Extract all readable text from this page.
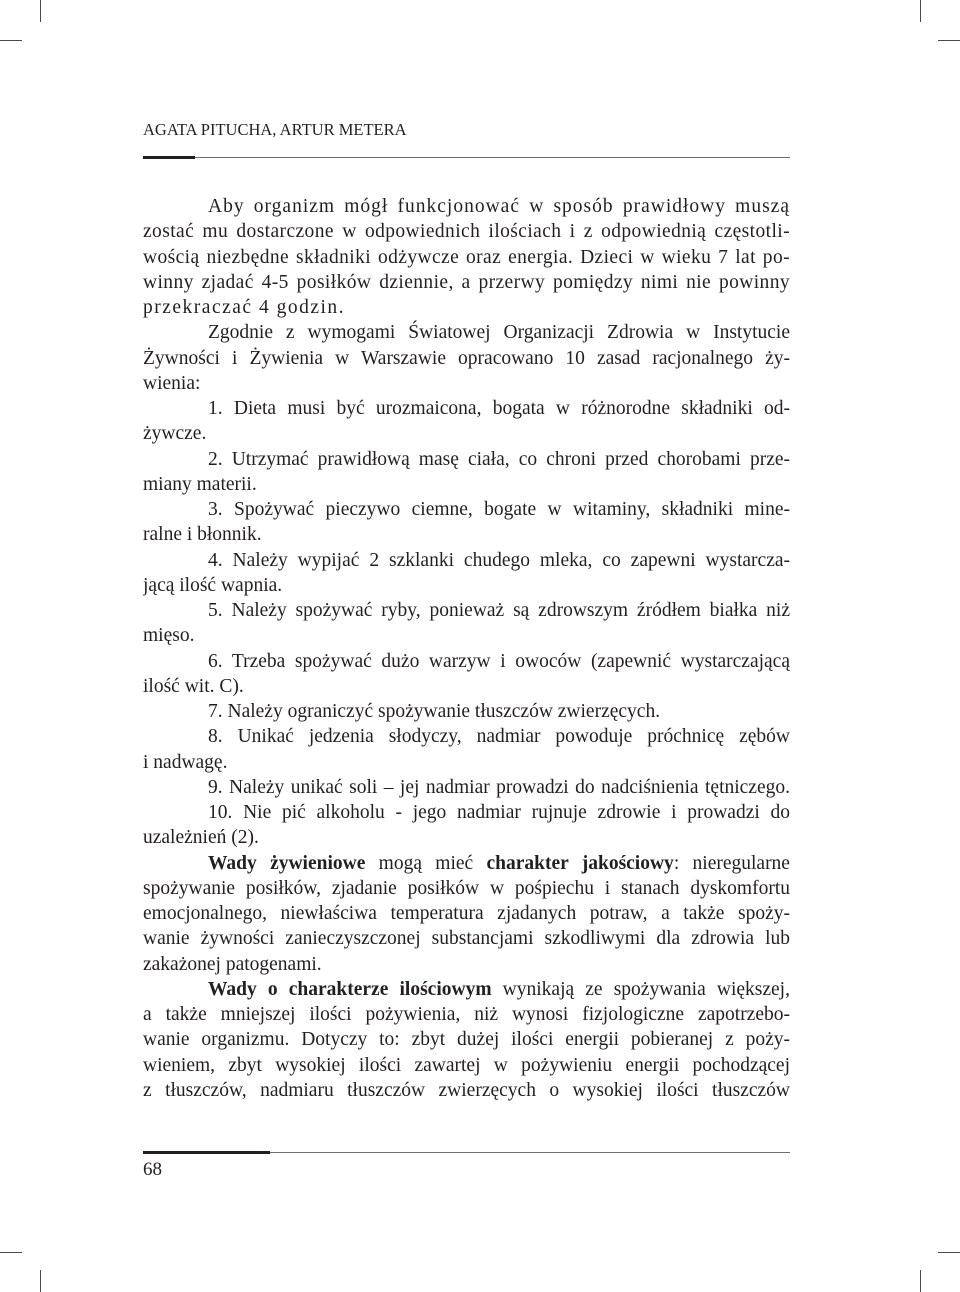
AGATA PITUCHA, ARTUR METERA
Aby organizm mógł funkcjonować w sposób prawidłowy muszą
zostać mu dostarczone w odpowiednich ilościach i z odpowiednią częstotli-
wością niezbędne składniki odżywcze oraz energia. Dzieci w wieku 7 lat po-
winny zjadać 4-5 posiłków dziennie, a przerwy pomiędzy nimi nie powinny
przekraczać 4 godzin.
Zgodnie z wymogami Światowej Organizacji Zdrowia w Instytucie
Żywności i Żywienia w Warszawie opracowano 10 zasad racjonalnego ży-
wienia:
1. Dieta musi być urozmaicona, bogata w różnorodne składniki od-
żywcze.
2. Utrzymać prawidłową masę ciała, co chroni przed chorobami prze-
miany materii.
3. Spożywać pieczywo ciemne, bogate w witaminy, składniki mine-
ralne i błonnik.
4. Należy wypijać 2 szklanki chudego mleka, co zapewni wystarcza-
jącą ilość wapnia.
5. Należy spożywać ryby, ponieważ są zdrowszym źródłem białka niż
mięso.
6. Trzeba spożywać dużo warzyw i owoców (zapewnić wystarczającą
ilość wit. C).
7. Należy ograniczyć spożywanie tłuszczów zwierzęcych.
8. Unikać jedzenia słodyczy, nadmiar powoduje próchnicę zębów
i nadwagę.
9. Należy unikać soli – jej nadmiar prowadzi do nadciśnienia tętniczego.
10. Nie pić alkoholu - jego nadmiar rujnuje zdrowie i prowadzi do
uzależnień (2).
Wady żywieniowe mogą mieć charakter jakościowy: nieregularne
spożywanie posiłków, zjadanie posiłków w pośpiechu i stanach dyskomfortu
emocjonalnego, niewłaściwa temperatura zjadanych potraw, a także spoży-
wanie żywności zanieczyszczonej substancjami szkodliwymi dla zdrowia lub
zakażonej patogenami.
Wady o charakterze ilościowym wynikają ze spożywania większej,
a także mniejszej ilości pożywienia, niż wynosi fizjologiczne zapotrzebo-
wanie organizmu. Dotyczy to: zbyt dużej ilości energii pobieranej z poży-
wieniem, zbyt wysokiej ilości zawartej w pożywieniu energii pochodzącej
z tłuszczów, nadmiaru tłuszczów zwierzęcych o wysokiej ilości tłuszczów
68
